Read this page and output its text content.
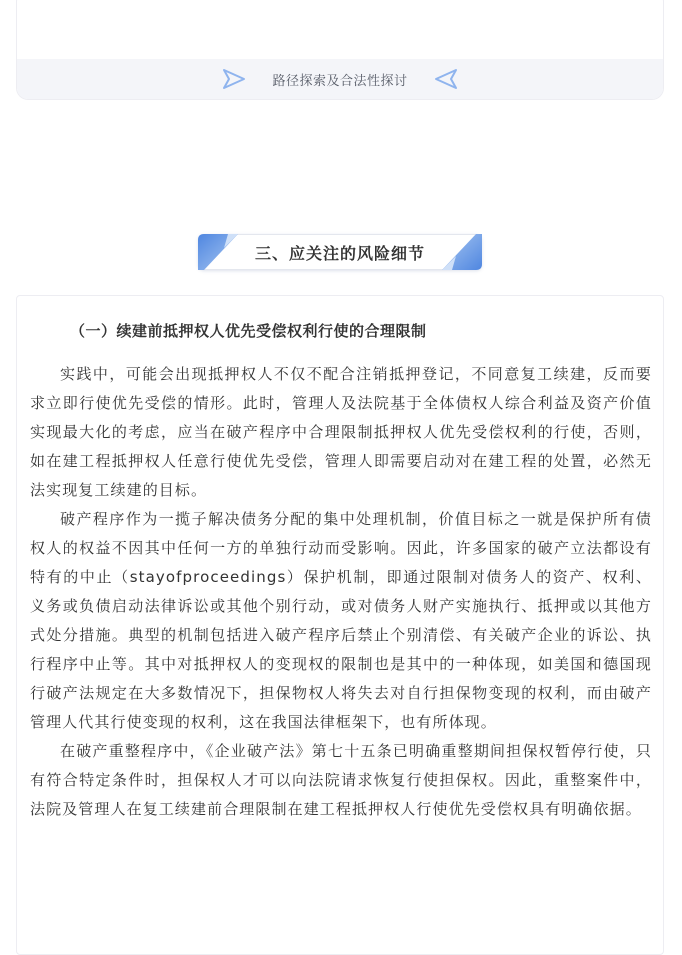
路径探索及合法性探讨
三、应关注的风险细节
（一）续建前抵押权人优先受偿权利行使的合理限制

实践中，可能会出现抵押权人不仅不配合注销抵押登记，不同意复工续建，反而要求立即行使优先受偿的情形。此时，管理人及法院基于全体债权人综合利益及资产价值实现最大化的考虑，应当在破产程序中合理限制抵押权人优先受偿权利的行使，否则，如在建工程抵押权人任意行使优先受偿，管理人即需要启动对在建工程的处置，必然无法实现复工续建的目标。

破产程序作为一揽子解决债务分配的集中处理机制，价值目标之一就是保护所有债权人的权益不因其中任何一方的单独行动而受影响。因此，许多国家的破产立法都设有特有的中止（stayofproceedings）保护机制，即通过限制对债务人的资产、权利、义务或负债启动法律诉讼或其他个别行动，或对债务人财产实施执行、抵押或以其他方式处分措施。典型的机制包括进入破产程序后禁止个别清偿、有关破产企业的诉讼、执行程序中止等。其中对抵押权人的变现权的限制也是其中的一种体现，如美国和德国现行破产法规定在大多数情况下，担保物权人将失去对自行担保物变现的权利，而由破产管理人代其行使变现的权利，这在我国法律框架下，也有所体现。

在破产重整程序中，《企业破产法》第七十五条已明确重整期间担保权暂停行使，只有符合特定条件时，担保权人才可以向法院请求恢复行使担保权。因此，重整案件中，法院及管理人在复工续建前合理限制在建工程抵押权人行使优先受偿权具有明确依据。
